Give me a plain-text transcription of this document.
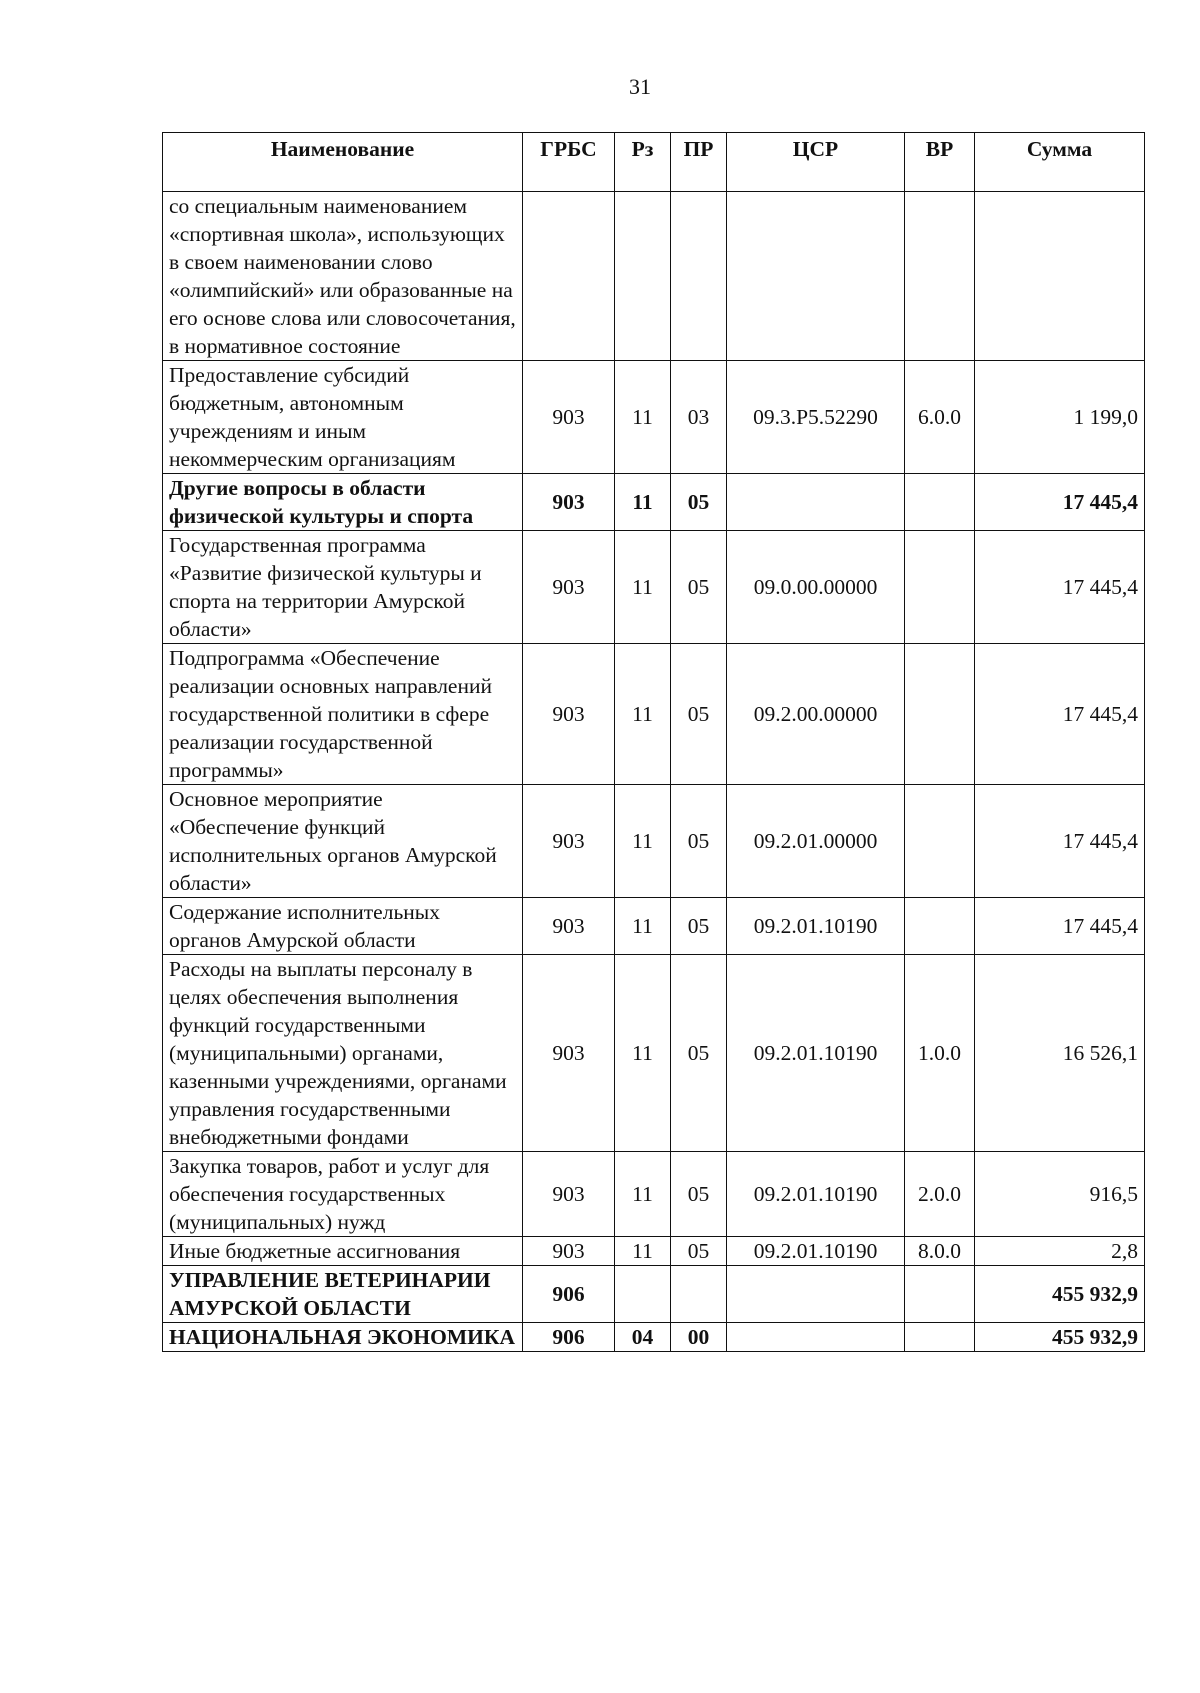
31
Наименование	ГРБС	Рз	ПР	ЦСР	ВР	Сумма
со специальным наименованием «спортивная школа», использующих в своем наименовании слово «олимпийский» или образованные на его основе слова или словосочетания, в нормативное состояние						
Предоставление субсидий бюджетным, автономным учреждениям и иным некоммерческим организациям	903	11	03	09.3.P5.52290	6.0.0	1 199,0
Другие вопросы в области физической культуры и спорта	903	11	05			17 445,4
Государственная программа «Развитие физической культуры и спорта на территории Амурской области»	903	11	05	09.0.00.00000		17 445,4
Подпрограмма «Обеспечение реализации основных направлений государственной политики в сфере реализации государственной программы»	903	11	05	09.2.00.00000		17 445,4
Основное мероприятие «Обеспечение функций исполнительных органов Амурской области»	903	11	05	09.2.01.00000		17 445,4
Содержание исполнительных органов Амурской области	903	11	05	09.2.01.10190		17 445,4
Расходы на выплаты персоналу в целях обеспечения выполнения функций государственными (муниципальными) органами, казенными учреждениями, органами управления государственными внебюджетными фондами	903	11	05	09.2.01.10190	1.0.0	16 526,1
Закупка товаров, работ и услуг для обеспечения государственных (муниципальных) нужд	903	11	05	09.2.01.10190	2.0.0	916,5
Иные бюджетные ассигнования	903	11	05	09.2.01.10190	8.0.0	2,8
УПРАВЛЕНИЕ ВЕТЕРИНАРИИ АМУРСКОЙ ОБЛАСТИ	906					455 932,9
НАЦИОНАЛЬНАЯ ЭКОНОМИКА	906	04	00			455 932,9
